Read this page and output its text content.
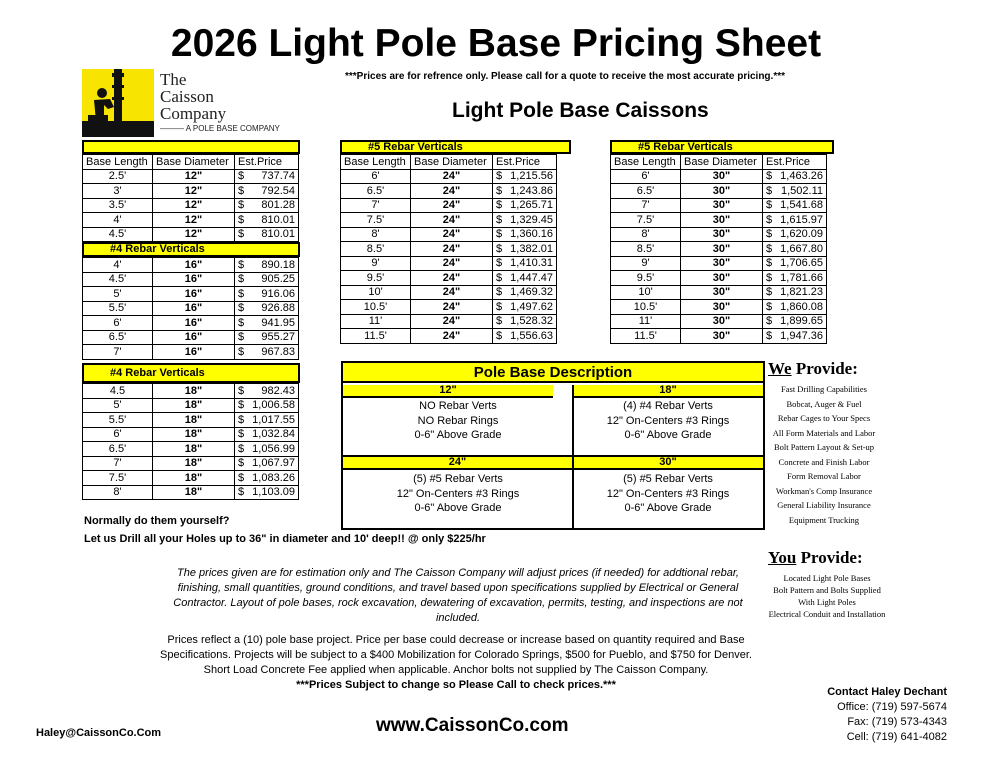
2026 Light Pole Base Pricing Sheet
***Prices are for refrence only. Please call for a quote to receive the most accurate pricing.***
Light Pole Base Caissons
The
Caisson
Company
——— A POLE BASE COMPANY
Base Length	Base Diameter	Est.Price
2.5'	12"	$ 737.74

3'	12"	$ 792.54

3.5'	12"	$ 801.28

4'	12"	$ 810.01

4.5'	12"	$ 810.01
#4 Rebar Verticals
4'	16"	$ 890.18

4.5'	16"	$ 905.25

5'	16"	$ 916.06

5.5'	16"	$ 926.88

6'	16"	$ 941.95

6.5'	16"	$ 955.27

7'	16"	$ 967.83
#4 Rebar Verticals
4.5	18"	$ 982.43

5'	18"	$ 1,006.58

5.5'	18"	$ 1,017.55

6'	18"	$ 1,032.84

6.5'	18"	$ 1,056.99

7'	18"	$ 1,067.97

7.5'	18"	$ 1,083.26

8'	18"	$ 1,103.09
#5 Rebar Verticals
Base Length	Base Diameter	Est.Price
6'	24"	$ 1,215.56

6.5'	24"	$ 1,243.86

7'	24"	$ 1,265.71

7.5'	24"	$ 1,329.45

8'	24"	$ 1,360.16

8.5'	24"	$ 1,382.01

9'	24"	$ 1,410.31

9.5'	24"	$ 1,447.47

10'	24"	$ 1,469.32

10.5'	24"	$ 1,497.62

11'	24"	$ 1,528.32

11.5'	24"	$ 1,556.63
#5 Rebar Verticals
Base Length	Base Diameter	Est.Price
6'	30"	$ 1,463.26

6.5'	30"	$ 1,502.11

7'	30"	$ 1,541.68

7.5'	30"	$ 1,615.97

8'	30"	$ 1,620.09

8.5'	30"	$ 1,667.80

9'	30"	$ 1,706.65

9.5'	30"	$ 1,781.66

10'	30"	$ 1,821.23

10.5'	30"	$ 1,860.08

11'	30"	$ 1,899.65

11.5'	30"	$ 1,947.36
Pole Base Description
12"	18"
NO Rebar Verts
NO Rebar Rings
0-6" Above Grade
(4) #4 Rebar Verts
12" On-Centers #3 Rings
0-6" Above Grade
24"	30"
(5) #5 Rebar Verts
12" On-Centers #3 Rings
0-6" Above Grade
(5) #5 Rebar Verts
12" On-Centers #3 Rings
0-6" Above Grade
We Provide:
Fast Drilling Capabilities
Bobcat, Auger & Fuel
Rebar Cages to Your Specs
All Form Materials and Labor
Bolt Pattern Layout & Set-up
Concrete and Finish Labor
Form Removal Labor
Workman's Comp Insurance
General Liability Insurance
Equipment Trucking
You Provide:
Located Light Pole Bases
Bolt Pattern and Bolts Supplied
With Light Poles
Electrical Conduit and Installation
Normally do them yourself?
Let us Drill all your Holes up to 36" in diameter and 10' deep!! @ only $225/hr
The prices given are for estimation only and The Caisson Company will adjust prices (if needed) for addtional rebar, finishing, small quantities, ground conditions, and travel based upon specifications supplied by Electrical or General Contractor. Layout of pole bases, rock excavation, dewatering of excavation, permits, testing, and inspections are not included.
Prices reflect a (10) pole base project. Price per base could decrease or increase based on quantity required and Base Specifications. Projects will be subject to a $400 Mobilization for Colorado Springs, $500 for Pueblo, and $750 for Denver. Short Load Concrete Fee applied when applicable. Anchor bolts not supplied by The Caisson Company.
***Prices Subject to change so Please Call to check prices.***
Haley@CaissonCo.Com	www.CaissonCo.com
Contact Haley Dechant
Office: (719) 597-5674
Fax: (719) 573-4343
Cell: (719) 641-4082
